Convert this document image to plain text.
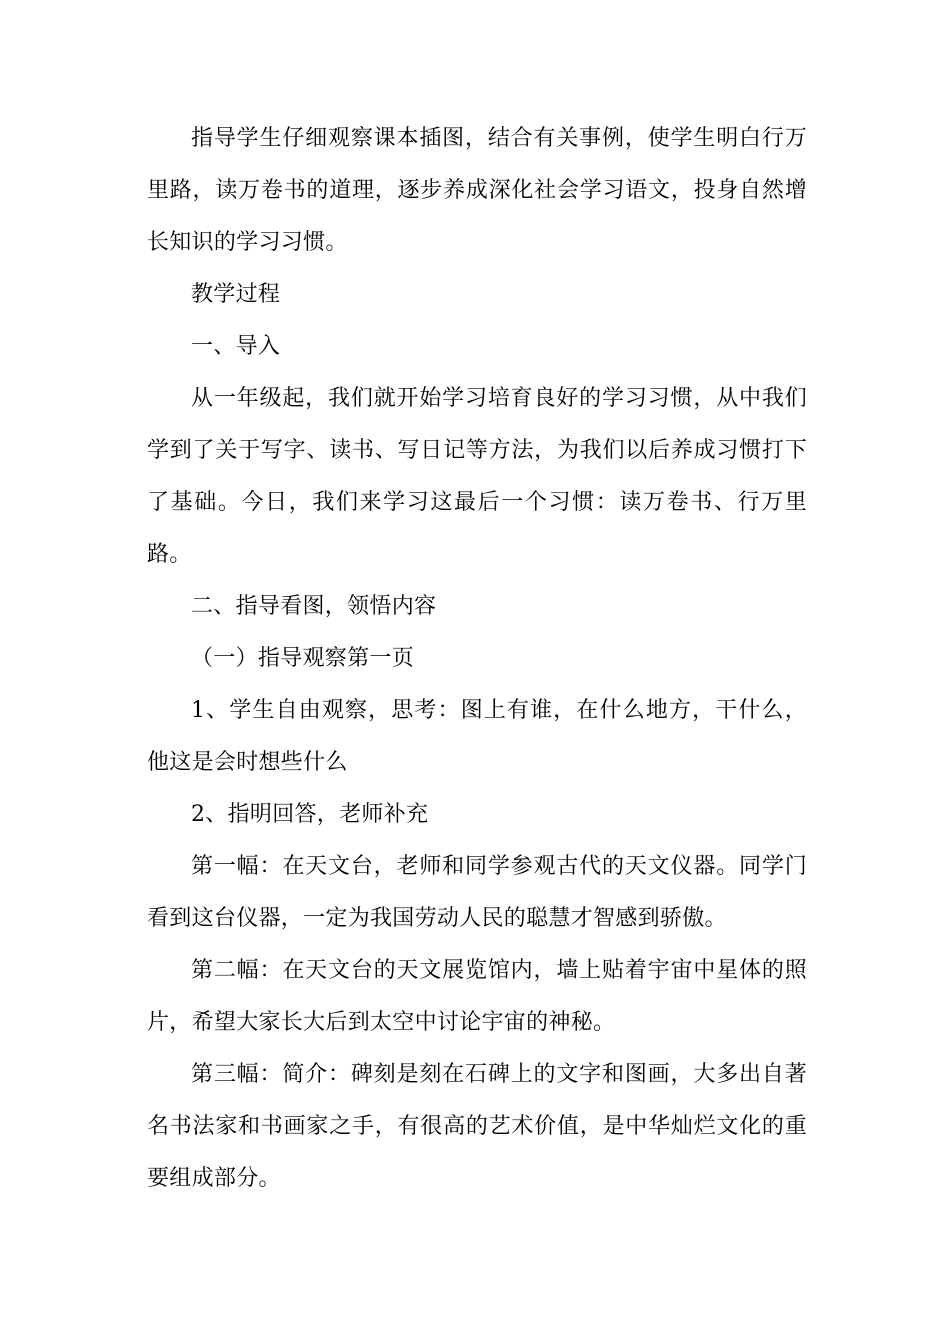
指导学生仔细观察课本插图，结合有关事例，使学生明白行万里路，读万卷书的道理，逐步养成深化社会学习语文，投身自然增长知识的学习习惯。

教学过程

一、导入

从一年级起，我们就开始学习培育良好的学习习惯，从中我们学到了关于写字、读书、写日记等方法，为我们以后养成习惯打下了基础。今日，我们来学习这最后一个习惯：读万卷书、行万里路。

二、指导看图，领悟内容

（一）指导观察第一页

1、学生自由观察，思考：图上有谁，在什么地方，干什么，他这是会时想些什么

2、指明回答，老师补充

第一幅：在天文台，老师和同学参观古代的天文仪器。同学门看到这台仪器，一定为我国劳动人民的聪慧才智感到骄傲。

第二幅：在天文台的天文展览馆内，墙上贴着宇宙中星体的照片，希望大家长大后到太空中讨论宇宙的神秘。

第三幅：简介：碑刻是刻在石碑上的文字和图画，大多出自著名书法家和书画家之手，有很高的艺术价值，是中华灿烂文化的重要组成部分。
